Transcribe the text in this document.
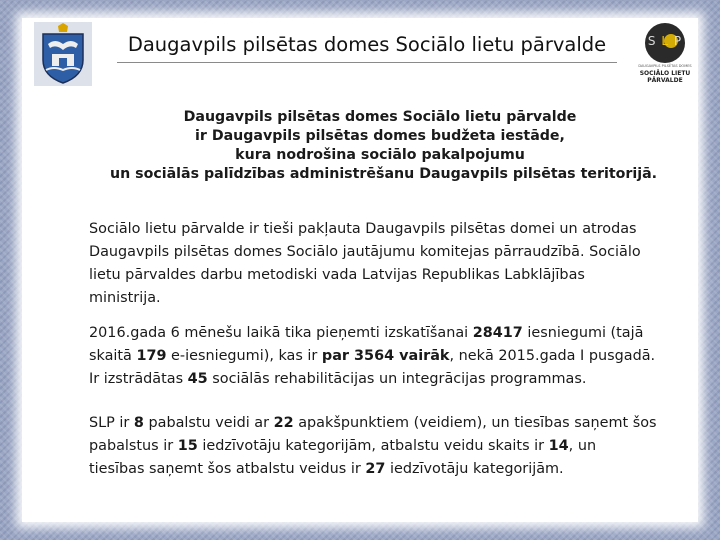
Daugavpils pilsētas domes Sociālo lietu pārvalde	S L P
DAUGAVPILS PILSĒTAS DOMES
SOCIĀLO LIETU
PĀRVALDE
Daugavpils pilsētas domes Sociālo lietu pārvalde
ir Daugavpils pilsētas domes budžeta iestāde,
kura nodrošina sociālo pakalpojumu
un sociālās palīdzības administrēšanu Daugavpils pilsētas teritorijā.
Sociālo lietu pārvalde ir tieši pakļauta Daugavpils pilsētas domei un atrodas
Daugavpils pilsētas domes Sociālo jautājumu komitejas pārraudzībā. Sociālo
lietu pārvaldes darbu metodiski vada Latvijas Republikas Labklājības
ministrija.
2016.gada 6 mēnešu laikā tika pieņemti izskatīšanai 28417 iesniegumi (tajā
skaitā 179 e-iesniegumi), kas ir par 3564 vairāk, nekā 2015.gada I pusgadā.
Ir izstrādātas 45 sociālās rehabilitācijas un integrācijas programmas.
SLP ir 8 pabalstu veidi ar 22 apakšpunktiem (veidiem), un tiesības saņemt šos
pabalstus ir 15 iedzīvotāju kategorijām, atbalstu veidu skaits ir 14, un
tiesības saņemt šos atbalstu veidus ir 27 iedzīvotāju kategorijām.
